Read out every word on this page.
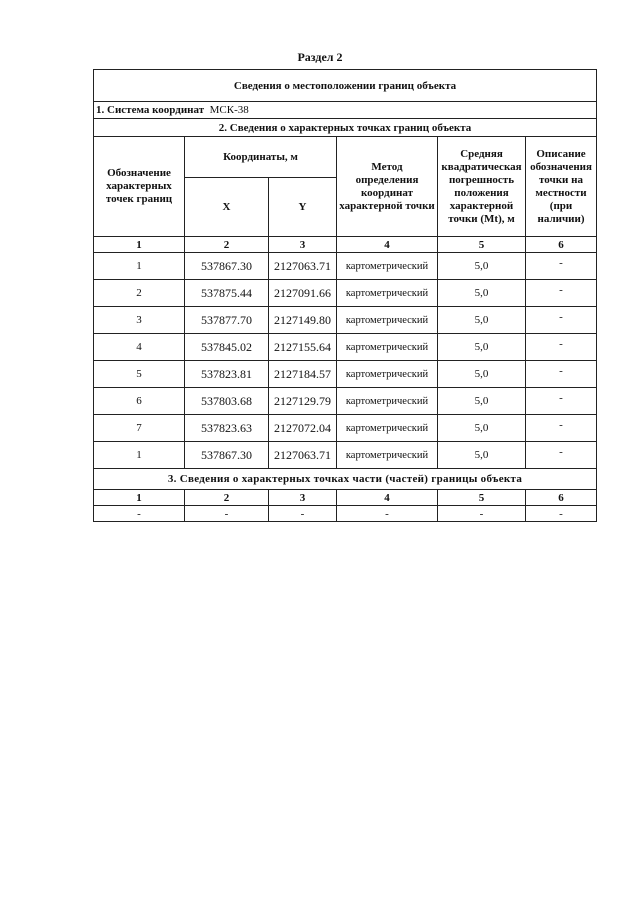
Раздел 2
Сведения о местоположении границ объекта					
1. Система координат МСК-38					
2. Сведения о характерных точках границ объекта					
Обозначение характерных точек границ	Координаты, м		Метод определения координат характерной точки	Средняя квадратическая погрешность положения характерной точки (Mt), м	Описание обозначения точки на местности (при наличии)
	X	Y			
1	2	3	4	5	6
1	537867.30	2127063.71	картометрический	5,0	-
2	537875.44	2127091.66	картометрический	5,0	-
3	537877.70	2127149.80	картометрический	5,0	-
4	537845.02	2127155.64	картометрический	5,0	-
5	537823.81	2127184.57	картометрический	5,0	-
6	537803.68	2127129.79	картометрический	5,0	-
7	537823.63	2127072.04	картометрический	5,0	-
1	537867.30	2127063.71	картометрический	5,0	-
3. Сведения о характерных точках части (частей) границы объекта					
1	2	3	4	5	6
-	-	-	-	-	-
